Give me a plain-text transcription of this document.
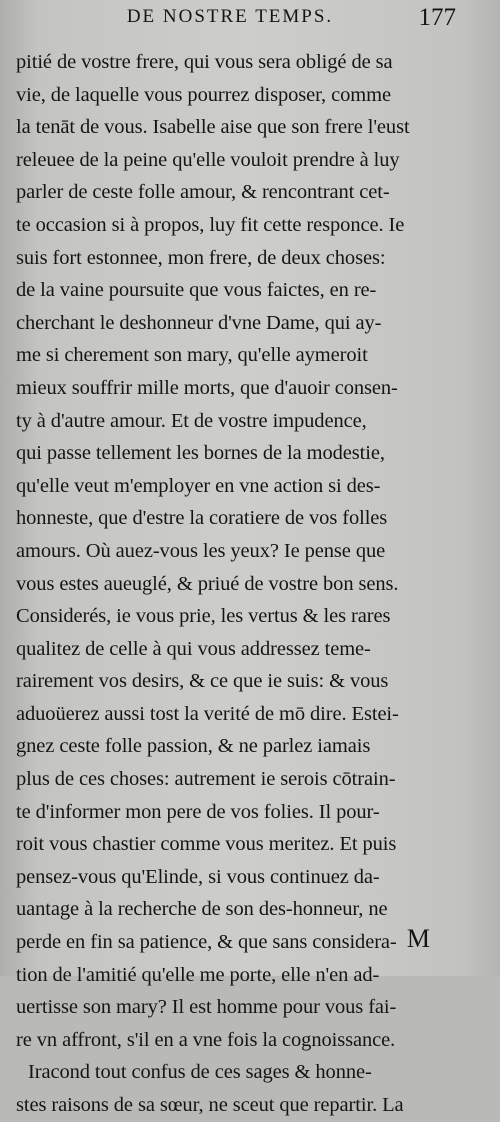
DE NOSTRE TEMPS.	177
pitié de vostre frere, qui vous sera obligé de sa
vie, de laquelle vous pourrez disposer, comme
la tenāt de vous. Isabelle aise que son frere l'eust
releuee de la peine qu'elle vouloit prendre à luy
parler de ceste folle amour, & rencontrant cet-
te occasion si à propos, luy fit cette responce. Ie
suis fort estonnee, mon frere, de deux choses:
de la vaine poursuite que vous faictes, en re-
cherchant le deshonneur d'vne Dame, qui ay-
me si cherement son mary, qu'elle aymeroit
mieux souffrir mille morts, que d'auoir consen-
ty à d'autre amour. Et de vostre impudence,
qui passe tellement les bornes de la modestie,
qu'elle veut m'employer en vne action si des-
honneste, que d'estre la coratiere de vos folles
amours. Où auez-vous les yeux? Ie pense que
vous estes aueuglé, & priué de vostre bon sens.
Considerés, ie vous prie, les vertus & les rares
qualitez de celle à qui vous addressez teme-
rairement vos desirs, & ce que ie suis: & vous
aduoüerez aussi tost la verité de mō dire. Estei-
gnez ceste folle passion, & ne parlez iamais
plus de ces choses: autrement ie serois cōtrain-
te d'informer mon pere de vos folies. Il pour-
roit vous chastier comme vous meritez. Et puis
pensez-vous qu'Elinde, si vous continuez da-
uantage à la recherche de son des-honneur, ne
perde en fin sa patience, & que sans considera-
tion de l'amitié qu'elle me porte, elle n'en ad-
uertisse son mary? Il est homme pour vous fai-
re vn affront, s'il en a vne fois la cognoissance.
Iracond tout confus de ces sages & honne-
stes raisons de sa sœur, ne sceut que repartir. La
M
